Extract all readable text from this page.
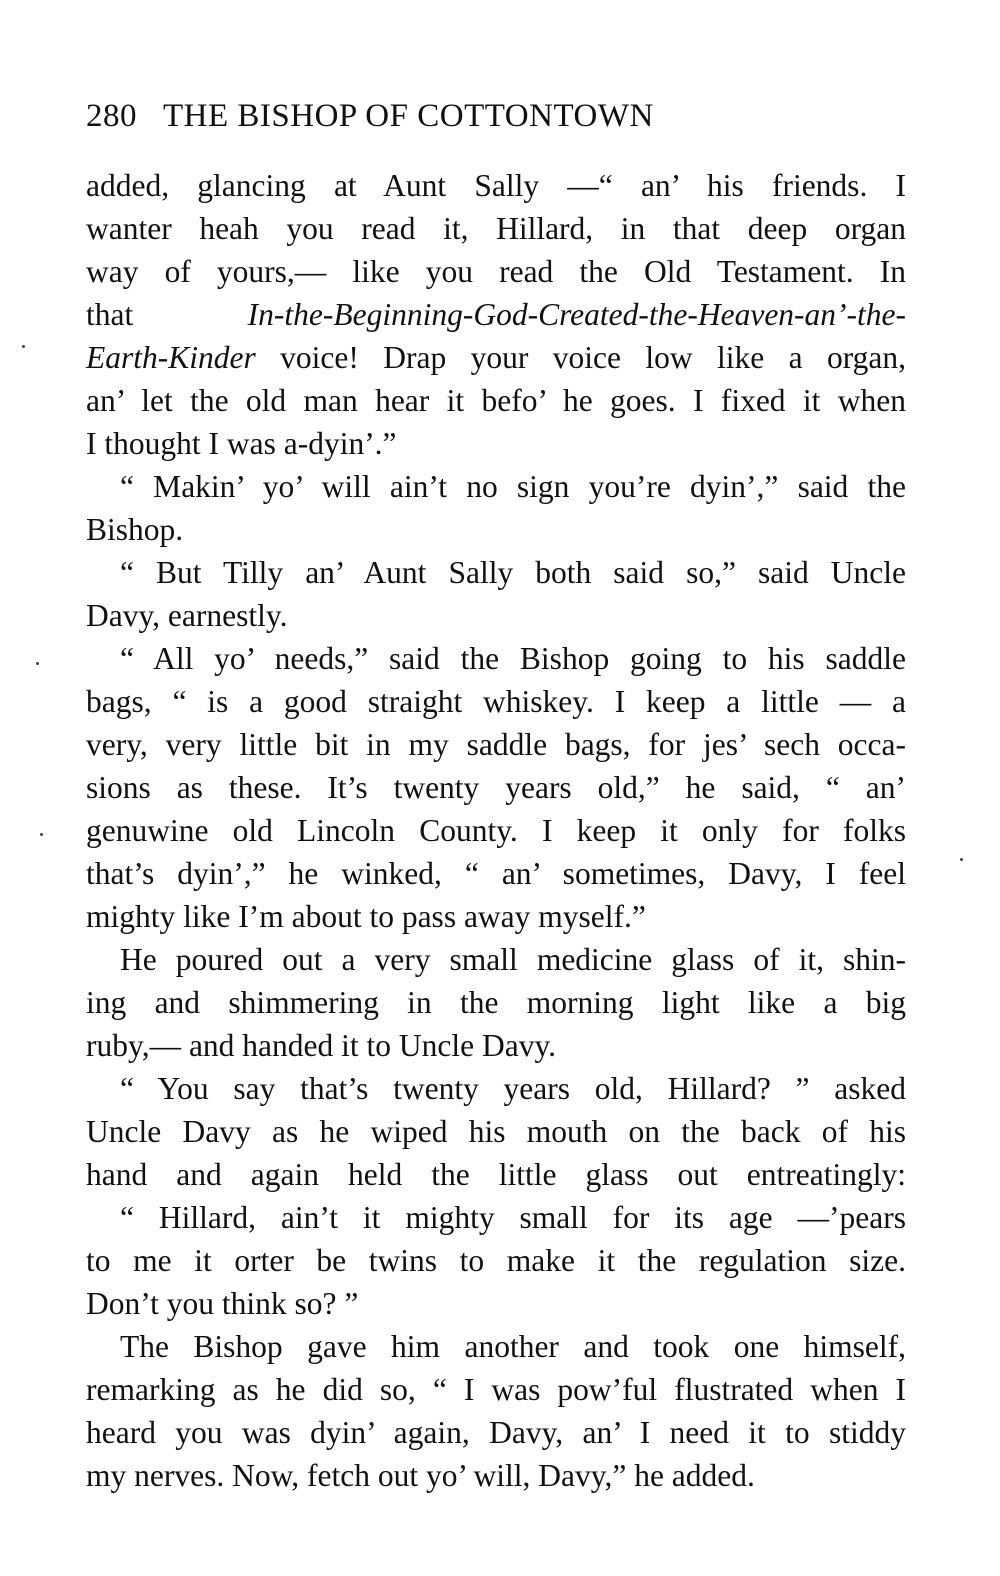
280 THE BISHOP OF COTTONTOWN
added, glancing at Aunt Sally —“ an’ his friends. I
wanter heah you read it, Hillard, in that deep organ
way of yours,— like you read the Old Testament. In
that	In-the-Beginning-God-Created-the-Heaven-an’-the-
Earth-Kinder voice! Drap your voice low like a organ,
an’ let the old man hear it befo’ he goes. I fixed it when
I thought I was a-dyin’.”
“ Makin’ yo’ will ain’t no sign you’re dyin’,” said the
Bishop.
“ But Tilly an’ Aunt Sally both said so,” said Uncle
Davy, earnestly.
“ All yo’ needs,” said the Bishop going to his saddle
bags, “ is a good straight whiskey. I keep a little — a
very, very little bit in my saddle bags, for jes’ sech occa-
sions as these. It’s twenty years old,” he said, “ an’
genuwine old Lincoln County. I keep it only for folks
that’s dyin’,” he winked, “ an’ sometimes, Davy, I feel
mighty like I’m about to pass away myself.”
He poured out a very small medicine glass of it, shin-
ing and shimmering in the morning light like a big
ruby,— and handed it to Uncle Davy.
“ You say that’s twenty years old, Hillard? ” asked
Uncle Davy as he wiped his mouth on the back of his
hand and again held the little glass out entreatingly:
“ Hillard, ain’t it mighty small for its age —’pears
to me it orter be twins to make it the regulation size.
Don’t you think so? ”
The Bishop gave him another and took one himself,
remarking as he did so, “ I was pow’ful flustrated when I
heard you was dyin’ again, Davy, an’ I need it to stiddy
my nerves. Now, fetch out yo’ will, Davy,” he added.
